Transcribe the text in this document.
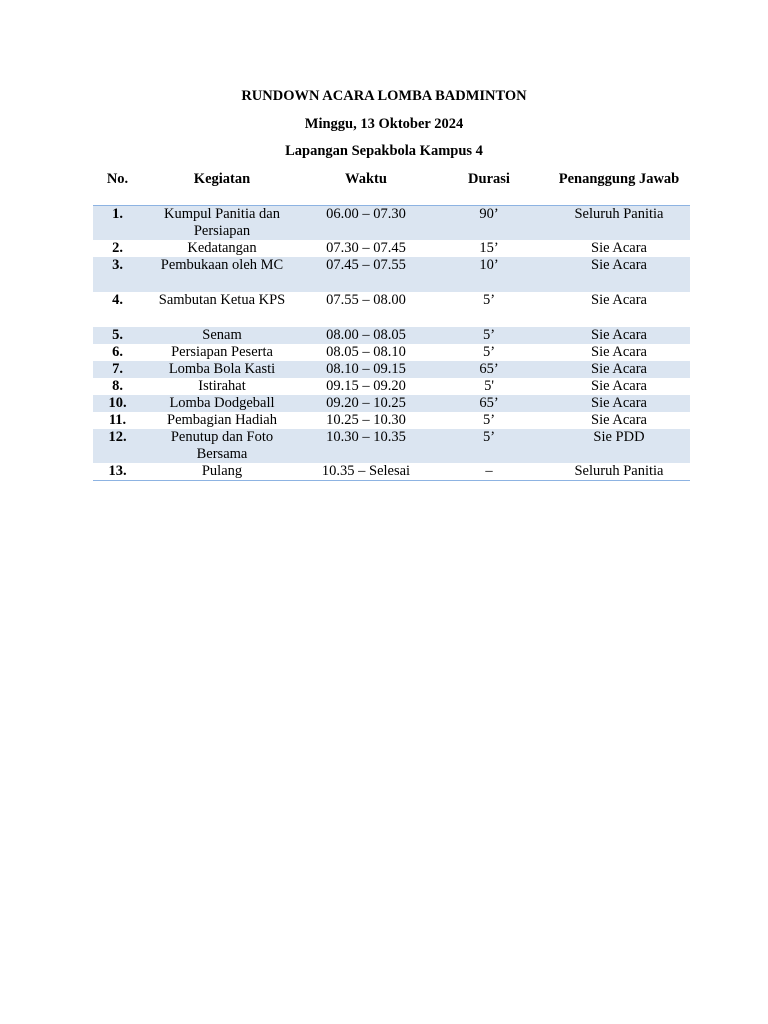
RUNDOWN ACARA LOMBA BADMINTON
Minggu, 13 Oktober 2024
Lapangan Sepakbola Kampus 4
No.	Kegiatan	Waktu	Durasi	Penanggung Jawab
1.	Kumpul Panitia dan Persiapan	06.00 – 07.30	90’	Seluruh Panitia
2.	Kedatangan	07.30 – 07.45	15’	Sie Acara
3.	Pembukaan oleh MC	07.45 – 07.55	10’	Sie Acara
4.	Sambutan Ketua KPS	07.55 – 08.00	5’	Sie Acara
5.	Senam	08.00 – 08.05	5’	Sie Acara
6.	Persiapan Peserta	08.05 – 08.10	5’	Sie Acara
7.	Lomba Bola Kasti	08.10 – 09.15	65’	Sie Acara
8.	Istirahat	09.15 – 09.20	5'	Sie Acara
10.	Lomba Dodgeball	09.20 – 10.25	65’	Sie Acara
11.	Pembagian Hadiah	10.25 – 10.30	5’	Sie Acara
12.	Penutup dan Foto Bersama	10.30 – 10.35	5’	Sie PDD
13.	Pulang	10.35 – Selesai	–	Seluruh Panitia
